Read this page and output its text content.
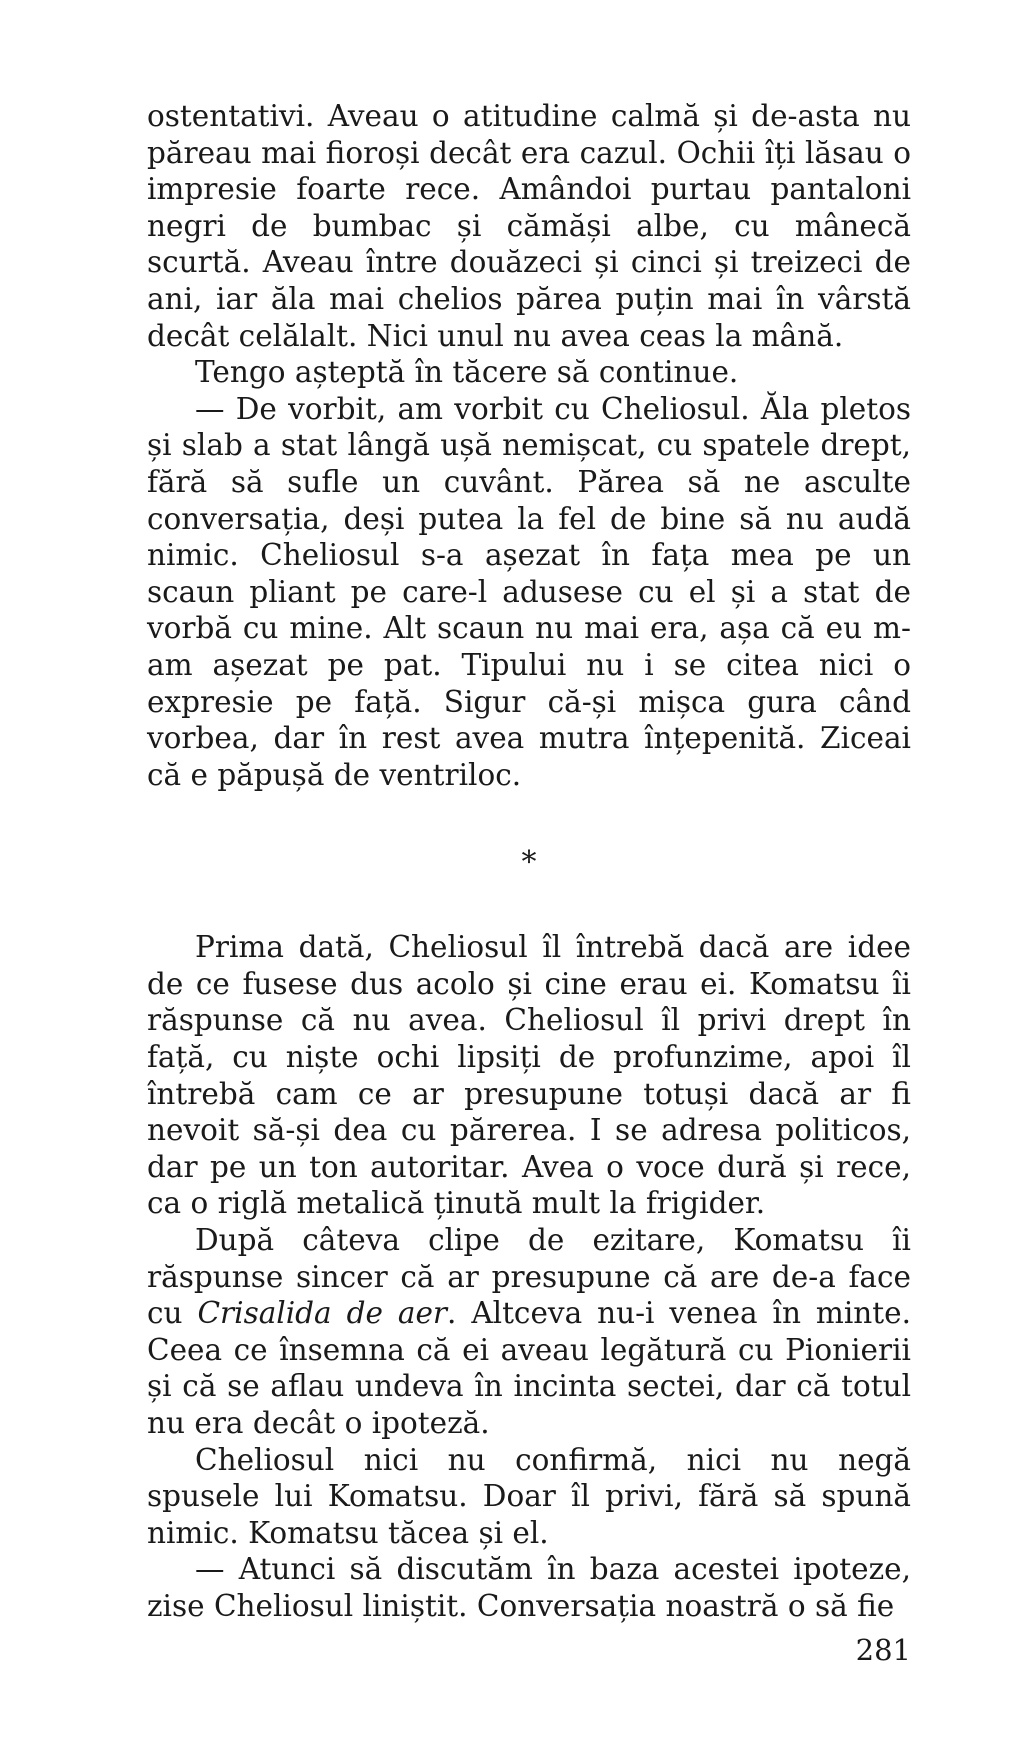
ostentativi. Aveau o atitudine calmă și de-asta nu păreau mai fioroși decât era cazul. Ochii îți lăsau o impresie foarte rece. Amândoi purtau pantaloni negri de bumbac și cămăși albe, cu mânecă scurtă. Aveau între douăzeci și cinci și treizeci de ani, iar ăla mai chelios părea puțin mai în vârstă decât celălalt. Nici unul nu avea ceas la mână.

Tengo așteptă în tăcere să continue.

— De vorbit, am vorbit cu Cheliosul. Ăla pletos și slab a stat lângă ușă nemișcat, cu spatele drept, fără să sufle un cuvânt. Părea să ne asculte conversația, deși putea la fel de bine să nu audă nimic. Cheliosul s-a așezat în fața mea pe un scaun pliant pe care-l adusese cu el și a stat de vorbă cu mine. Alt scaun nu mai era, așa că eu m-am așezat pe pat. Tipului nu i se citea nici o expresie pe față. Sigur că-și mișca gura când vorbea, dar în rest avea mutra înțepenită. Ziceai că e păpușă de ventriloc.

*

Prima dată, Cheliosul îl întrebă dacă are idee de ce fusese dus acolo și cine erau ei. Komatsu îi răspunse că nu avea. Cheliosul îl privi drept în față, cu niște ochi lipsiți de profunzime, apoi îl întrebă cam ce ar presupune totuși dacă ar fi nevoit să-și dea cu părerea. I se adresa politicos, dar pe un ton autoritar. Avea o voce dură și rece, ca o riglă metalică ținută mult la frigider.

După câteva clipe de ezitare, Komatsu îi răspunse sincer că ar presupune că are de-a face cu Crisalida de aer. Altceva nu-i venea în minte. Ceea ce însemna că ei aveau legătură cu Pionierii și că se aflau undeva în incinta sectei, dar că totul nu era decât o ipoteză.

Cheliosul nici nu confirmă, nici nu negă spusele lui Komatsu. Doar îl privi, fără să spună nimic. Komatsu tăcea și el.

— Atunci să discutăm în baza acestei ipoteze, zise Cheliosul liniștit. Conversația noastră o să fie

281
